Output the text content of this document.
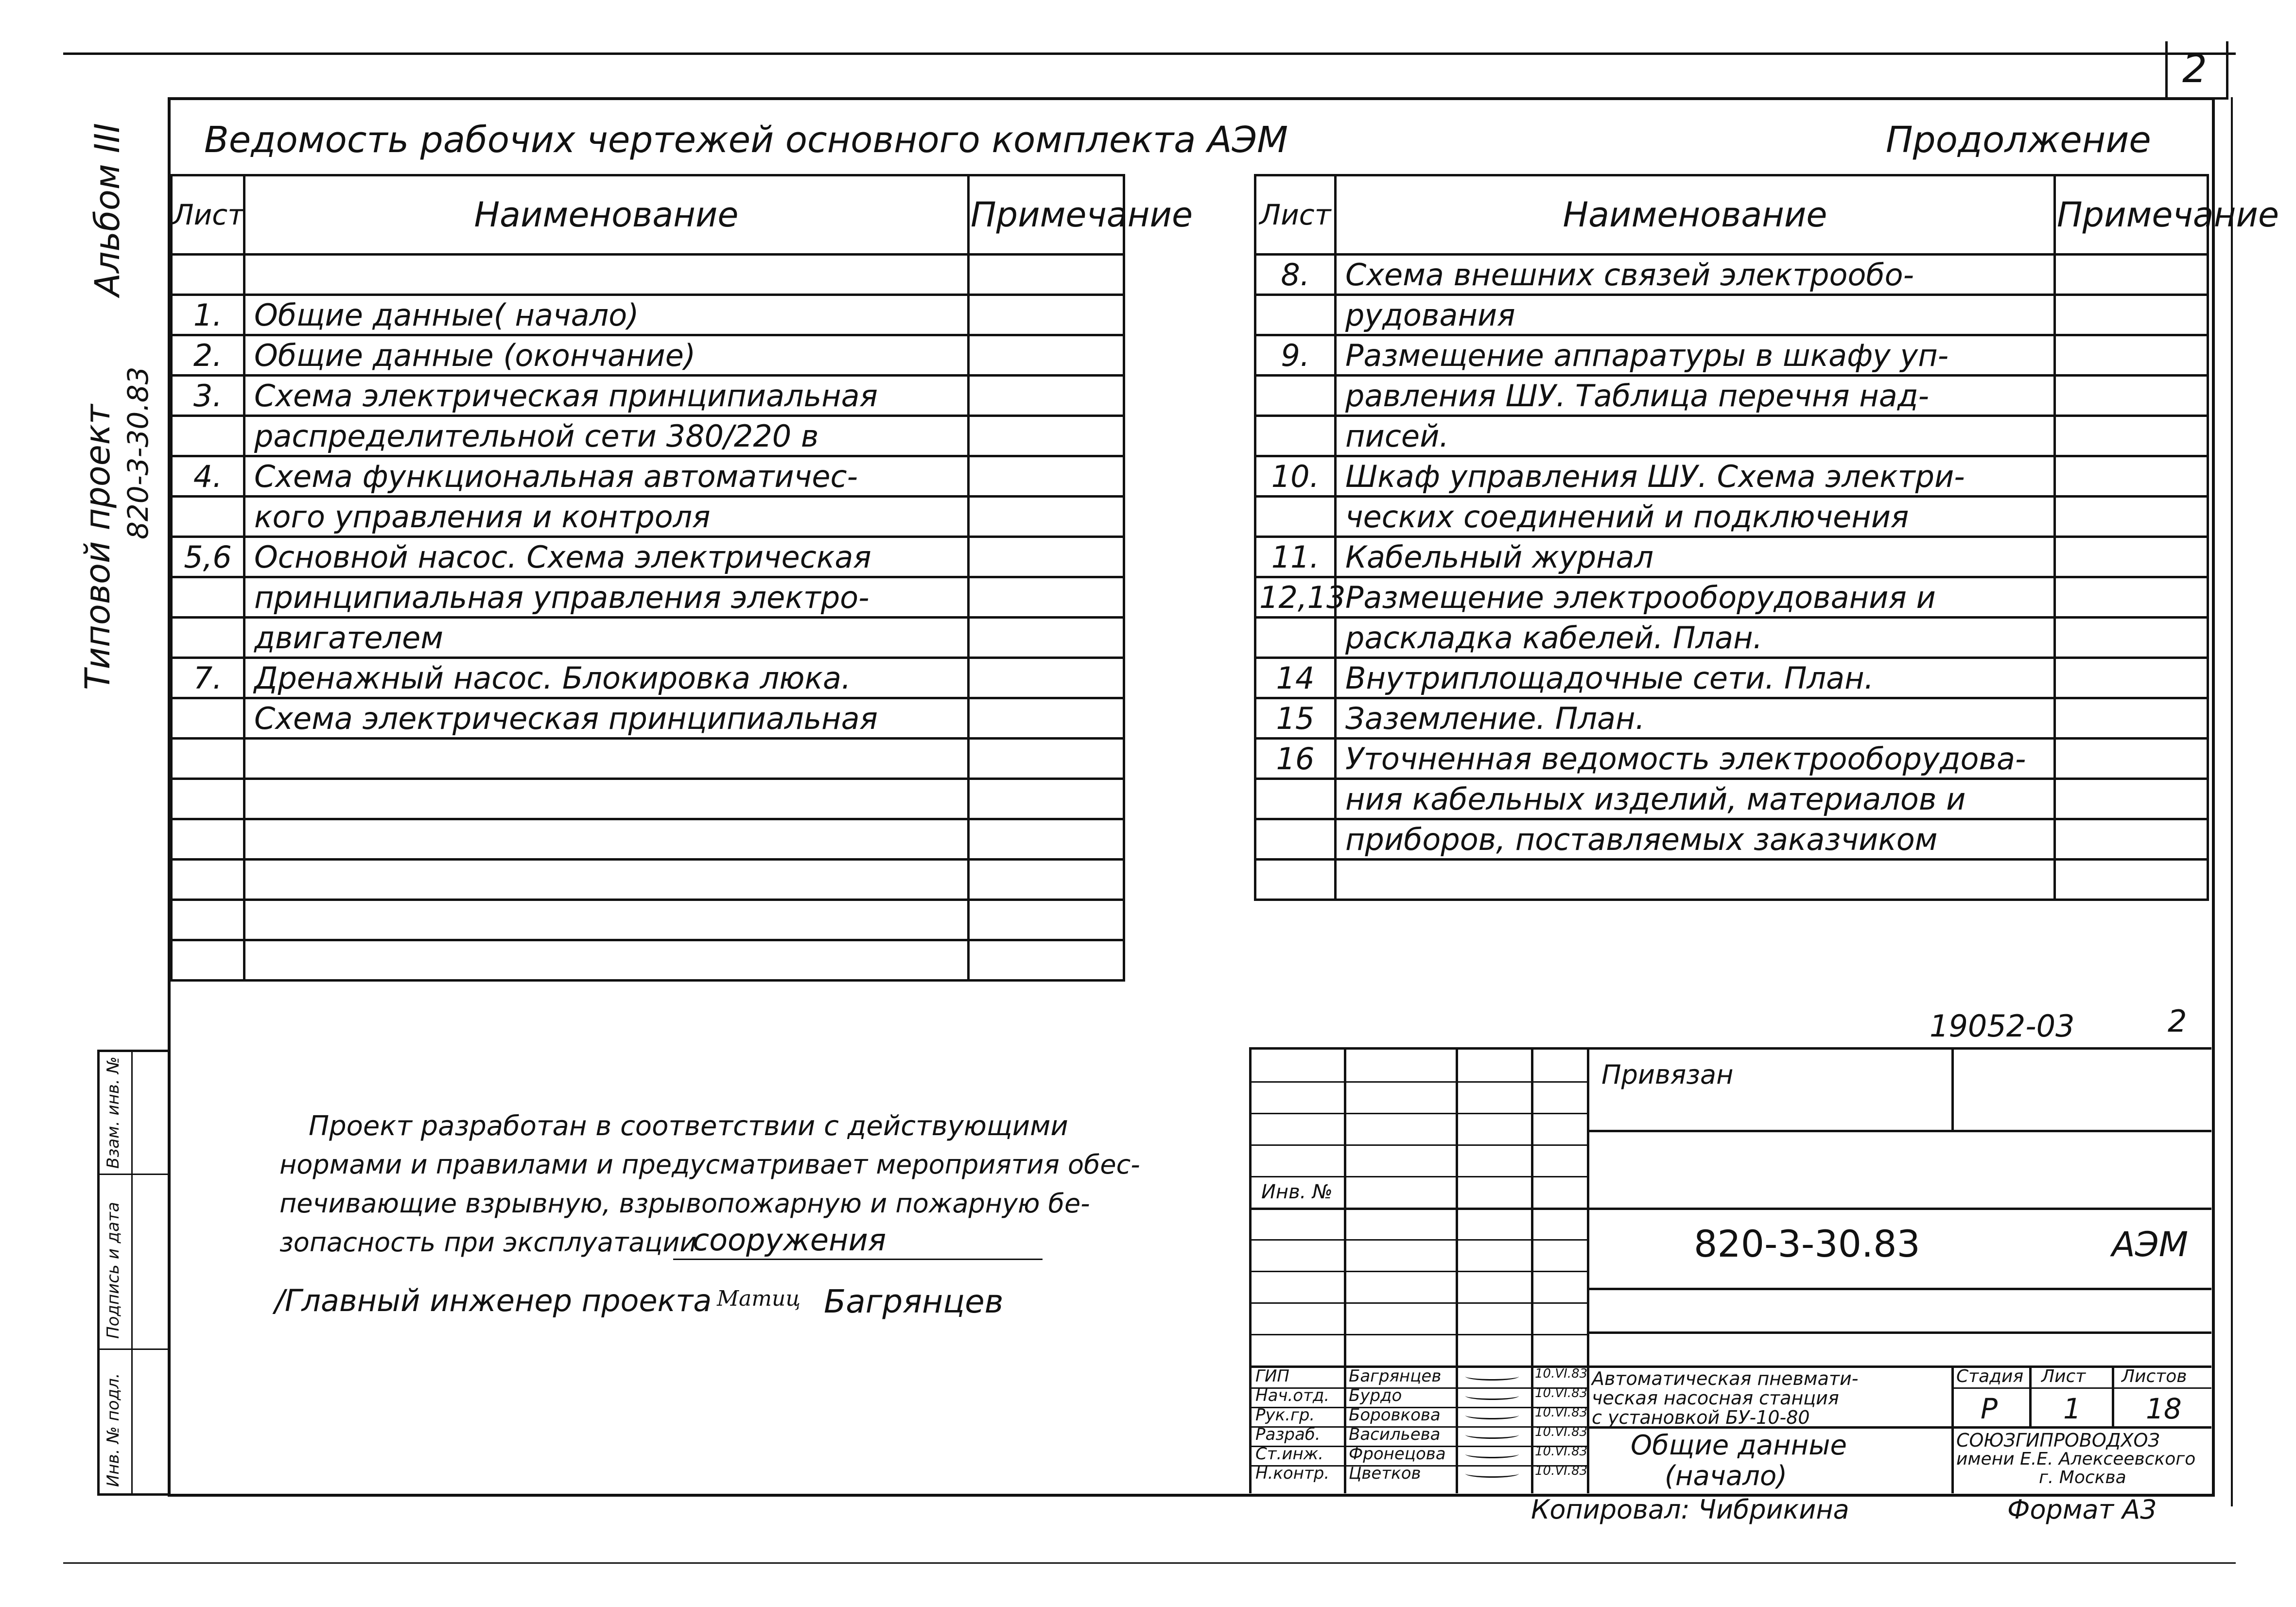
2
Альбом III
Типовой проект 820-3-30.83
Взам. инв. №
Подпись и дата
Инв. № подл.
Ведомость рабочих чертежей основного комплекта АЭМ
Лист	Наименование	Примечание

1.	Общие данные( начало)	
2.	Общие данные (окончание)	
3.	Схема электрическая принципиальная	
	распределительной сети 380/220 в	
4.	Схема функциональная автоматичес-	
	кого управления и контроля	
5,6	Основной насос. Схема электрическая	
	принципиальная управления электро-	
	двигателем	
7.	Дренажный насос. Блокировка люка.	
	Схема электрическая принципиальная	

Продолжение
Лист	Наименование	Примечание
8.	Схема внешних связей электрообо-	
	рудования	
9.	Размещение аппаратуры в шкафу уп-	
	равления ШУ. Таблица перечня над-	
	писей.	
10.	Шкаф управления ШУ. Схема электри-	
	ческих соединений и подключения	
11.	Кабельный журнал	
12,13	Размещение электрооборудования и	
	раскладка кабелей. План.	
14	Внутриплощадочные сети. План.	
15	Заземление. План.	
16	Уточненная ведомость электрооборудова-	
	ния кабельных изделий, материалов и	
	приборов, поставляемых заказчиком	

Проект разработан в соответствии с действующими
нормами и правилами и предусматривает мероприятия обес-
печивающие взрывную, взрывопожарную и пожарную бе-
зопасность при эксплуатации
сооружения
/Главный инженер проекта Матиц Багрянцев
19052-03	2
Инв. №
Привязан
820-3-30.83	АЭМ
ГИП	Багрянцев	10.VI.83
Нач.отд. Бурдо	10.VI.83
Рук.гр. Боровкова	10.VI.83
Разраб. Васильева	10.VI.83
Ст.инж. Фронецова	10.VI.83
Н.контр. Цветков	10.VI.83
Автоматическая пневмати-
ческая насосная станция
с установкой БУ-10-80
Общие данные
(начало)
Стадия Лист Листов
Р 1 18
СОЮЗГИПРОВОДХОЗ
имени Е.Е. Алексеевского
г. Москва
Копировал: Чибрикина	Формат А3
